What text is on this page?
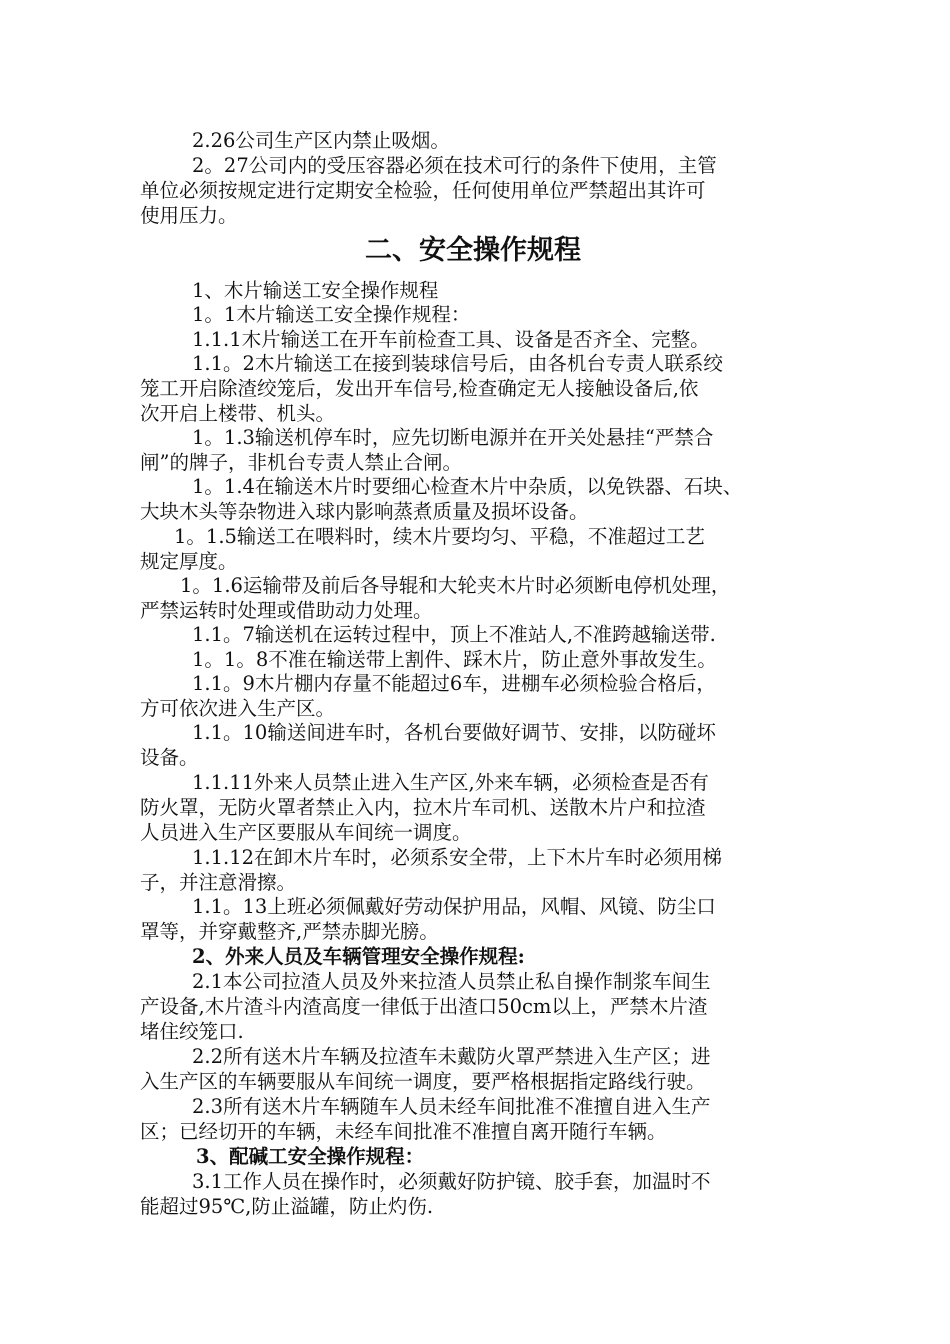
2.26公司生产区内禁止吸烟。
2。27公司内的受压容器必须在技术可行的条件下使用，主管
单位必须按规定进行定期安全检验，任何使用单位严禁超出其许可
使用压力。
二、安全操作规程
1、木片输送工安全操作规程
1。1木片输送工安全操作规程：
1.1.1木片输送工在开车前检查工具、设备是否齐全、完整。
1.1。2木片输送工在接到装球信号后，由各机台专责人联系绞
笼工开启除渣绞笼后，发出开车信号,检查确定无人接触设备后,依
次开启上楼带、机头。
1。1.3输送机停车时，应先切断电源并在开关处悬挂“严禁合
闸”的牌子，非机台专责人禁止合闸。
1。1.4在输送木片时要细心检查木片中杂质，以免铁器、石块、
大块木头等杂物进入球内影响蒸煮质量及损坏设备。
1。1.5输送工在喂料时，续木片要均匀、平稳，不准超过工艺
规定厚度。
1。1.6运输带及前后各导辊和大轮夹木片时必须断电停机处理，
严禁运转时处理或借助动力处理。
1.1。7输送机在运转过程中，顶上不准站人,不准跨越输送带.
1。1。8不准在输送带上割件、踩木片，防止意外事故发生。
1.1。9木片棚内存量不能超过6车，进棚车必须检验合格后，
方可依次进入生产区。
1.1。10输送间进车时，各机台要做好调节、安排，以防碰坏
设备。
1.1.11外来人员禁止进入生产区,外来车辆，必须检查是否有
防火罩，无防火罩者禁止入内，拉木片车司机、送散木片户和拉渣
人员进入生产区要服从车间统一调度。
1.1.12在卸木片车时，必须系安全带，上下木片车时必须用梯
子，并注意滑擦。
1.1。13上班必须佩戴好劳动保护用品，风帽、风镜、防尘口
罩等，并穿戴整齐,严禁赤脚光膀。
2、外来人员及车辆管理安全操作规程:
2.1本公司拉渣人员及外来拉渣人员禁止私自操作制浆车间生
产设备,木片渣斗内渣高度一律低于出渣口50cm以上，严禁木片渣
堵住绞笼口.
2.2所有送木片车辆及拉渣车未戴防火罩严禁进入生产区；进
入生产区的车辆要服从车间统一调度，要严格根据指定路线行驶。
2.3所有送木片车辆随车人员未经车间批准不准擅自进入生产
区；已经切开的车辆，未经车间批准不准擅自离开随行车辆。
3、配碱工安全操作规程：
3.1工作人员在操作时，必须戴好防护镜、胶手套，加温时不
能超过95℃,防止溢罐，防止灼伤.
